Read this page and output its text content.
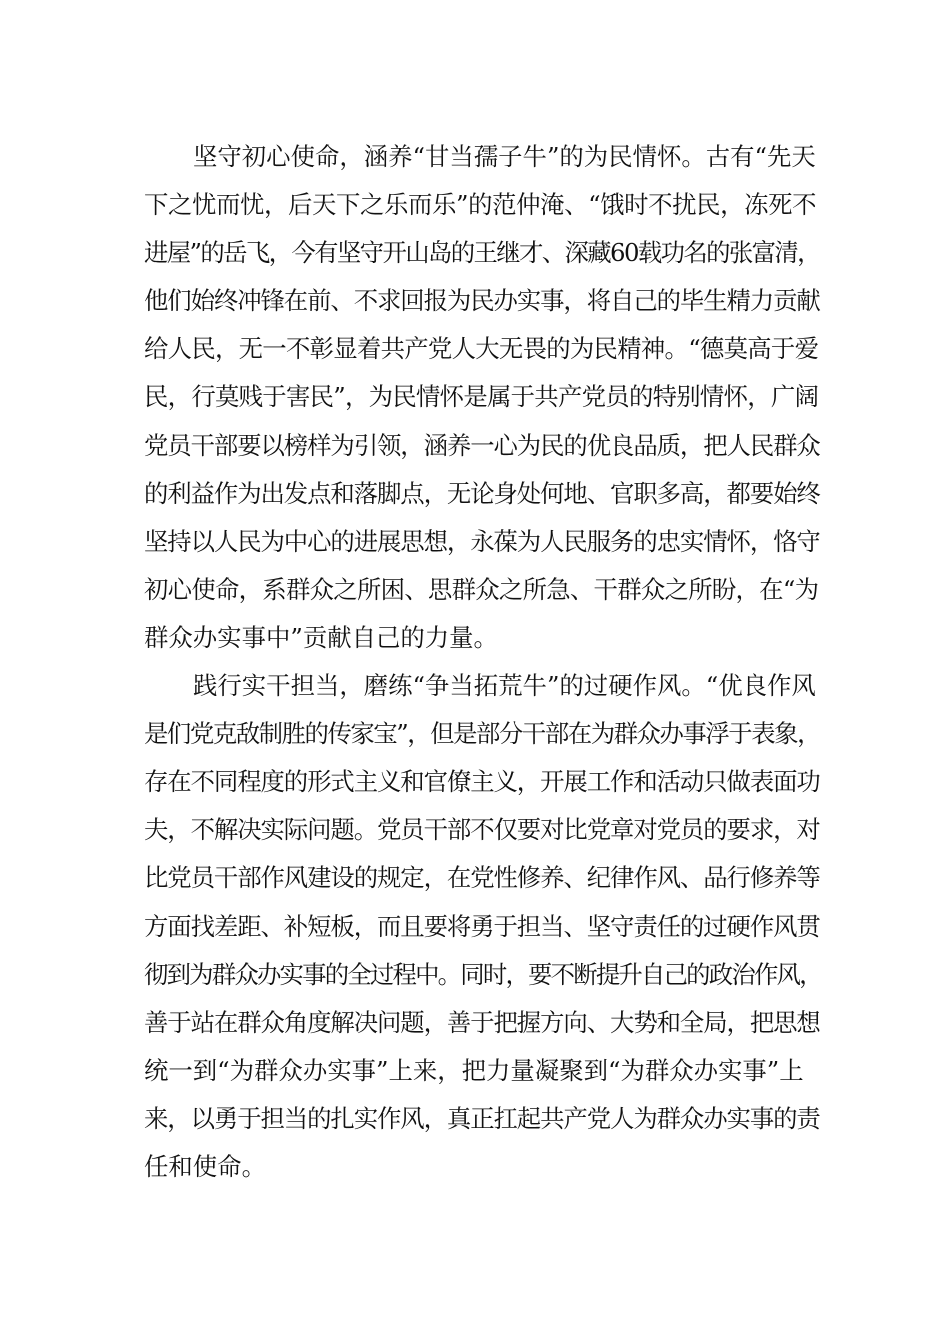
坚守初心使命，涵养“甘当孺子牛”的为民情怀。古有“先天
下之忧而忧，后天下之乐而乐”的范仲淹、“饿时不扰民，冻死不
进屋”的岳飞，今有坚守开山岛的王继才、深藏60载功名的张富清，
他们始终冲锋在前、不求回报为民办实事，将自己的毕生精力贡献
给人民，无一不彰显着共产党人大无畏的为民精神。“德莫高于爱
民，行莫贱于害民”，为民情怀是属于共产党员的特别情怀，广阔
党员干部要以榜样为引领，涵养一心为民的优良品质，把人民群众
的利益作为出发点和落脚点，无论身处何地、官职多高，都要始终
坚持以人民为中心的进展思想，永葆为人民服务的忠实情怀，恪守
初心使命，系群众之所困、思群众之所急、干群众之所盼，在“为
群众办实事中”贡献自己的力量。
践行实干担当，磨练“争当拓荒牛”的过硬作风。“优良作风
是们党克敌制胜的传家宝”，但是部分干部在为群众办事浮于表象，
存在不同程度的形式主义和官僚主义，开展工作和活动只做表面功
夫，不解决实际问题。党员干部不仅要对比党章对党员的要求，对
比党员干部作风建设的规定，在党性修养、纪律作风、品行修养等
方面找差距、补短板，而且要将勇于担当、坚守责任的过硬作风贯
彻到为群众办实事的全过程中。同时，要不断提升自己的政治作风，
善于站在群众角度解决问题，善于把握方向、大势和全局，把思想
统一到“为群众办实事”上来，把力量凝聚到“为群众办实事”上
来，以勇于担当的扎实作风，真正扛起共产党人为群众办实事的责
任和使命。
